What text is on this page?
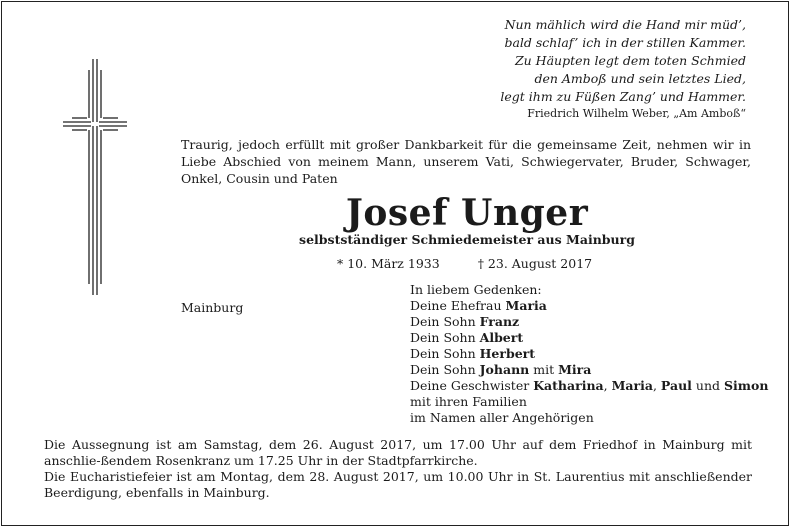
Nun mählich wird die Hand mir müd’,
bald schlaf’ ich in der stillen Kammer.
Zu Häupten legt dem toten Schmied
den Amboß und sein letztes Lied,
legt ihm zu Füßen Zang’ und Hammer.
Friedrich Wilhelm Weber, „Am Amboß“
Traurig, jedoch erfüllt mit großer Dankbarkeit für die gemeinsame Zeit, nehmen wir in Liebe Abschied von meinem Mann, unserem Vati, Schwiegervater, Bruder, Schwager, Onkel, Cousin und Paten
Josef Unger
selbstständiger Schmiedemeister aus Mainburg
* 10. März 1933	† 23. August 2017
Mainburg
In liebem Gedenken:
Deine Ehefrau Maria
Dein Sohn Franz
Dein Sohn Albert
Dein Sohn Herbert
Dein Sohn Johann mit Mira
Deine Geschwister Katharina, Maria, Paul und Simon
mit ihren Familien
im Namen aller Angehörigen

Die Aussegnung ist am Samstag, dem 26. August 2017, um 17.00 Uhr auf dem Friedhof in Mainburg mit anschlie-ßendem Rosenkranz um 17.25 Uhr in der Stadtpfarrkirche.

Die Eucharistiefeier ist am Montag, dem 28. August 2017, um 10.00 Uhr in St. Laurentius mit anschließender Beerdigung, ebenfalls in Mainburg.
